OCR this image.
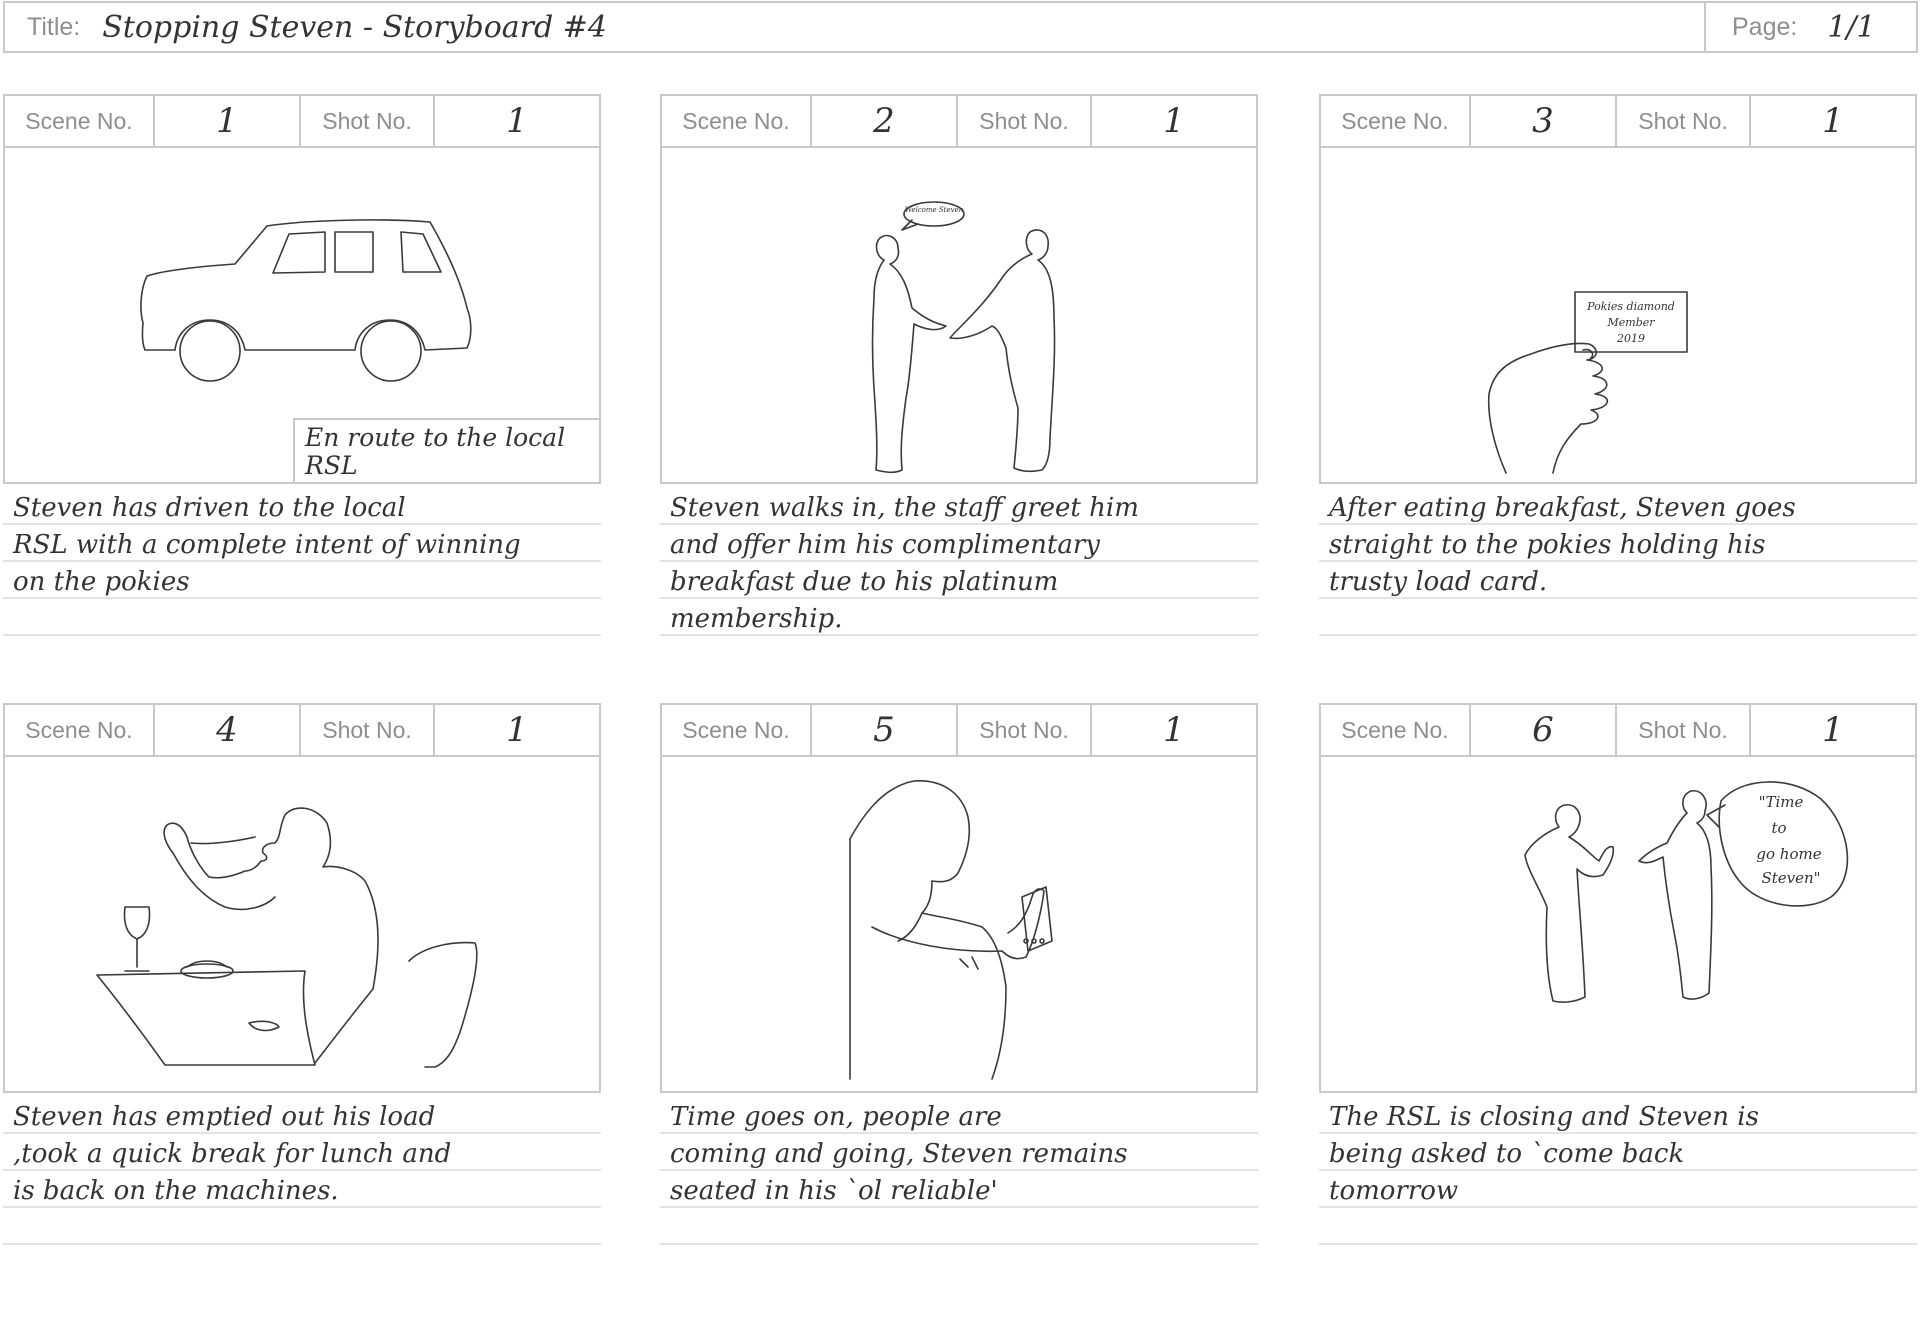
Title: Stopping Steven - Storyboard #4	Page: 1/1
Scene No.	1	Shot No.	1
En route to the local RSL
Steven has driven to the local
RSL with a complete intent of winning
on the pokies
Scene No.	2	Shot No.	1
Welcome Steven
Steven walks in, the staff greet him
and offer him his complimentary
breakfast due to his platinum
membership.
Scene No.	3	Shot No.	1
Pokies diamond
Member
2019
After eating breakfast, Steven goes
straight to the pokies holding his
trusty load card.
Scene No.	4	Shot No.	1
Steven has emptied out his load
,took a quick break for lunch and
is back on the machines.
Scene No.	5	Shot No.	1
Time goes on, people are
coming and going, Steven remains
seated in his `ol reliable'
Scene No.	6	Shot No.	1
"Time
to
go home
Steven"
The RSL is closing and Steven is
being asked to `come back
tomorrow
